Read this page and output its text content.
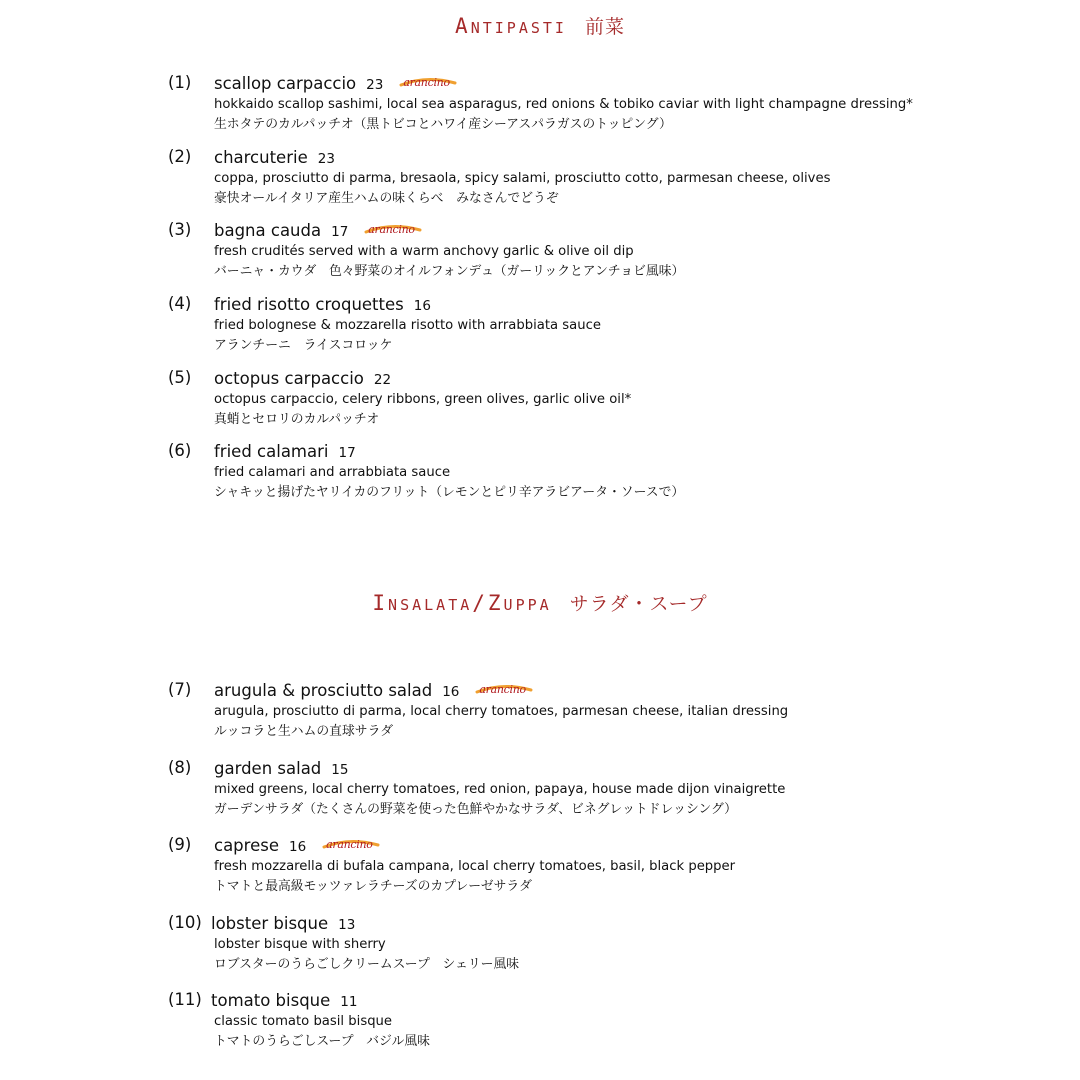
Antipasti 前菜
(1) scallop carpaccio 23 arancino
hokkaido scallop sashimi, local sea asparagus, red onions & tobiko caviar with light champagne dressing*
生ホタテのカルパッチオ（黒トビコとハワイ産シーアスパラガスのトッピング）
(2) charcuterie 23
coppa, prosciutto di parma, bresaola, spicy salami, prosciutto cotto, parmesan cheese, olives
豪快オールイタリア産生ハムの味くらべ　みなさんでどうぞ
(3) bagna cauda 17 arancino
fresh crudités served with a warm anchovy garlic & olive oil dip
バーニャ・カウダ　色々野菜のオイルフォンデュ（ガーリックとアンチョビ風味）
(4) fried risotto croquettes 16
fried bolognese & mozzarella risotto with arrabbiata sauce
アランチーニ　ライスコロッケ
(5) octopus carpaccio 22
octopus carpaccio, celery ribbons, green olives, garlic olive oil*
真蛸とセロリのカルパッチオ
(6) fried calamari 17
fried calamari and arrabbiata sauce
シャキッと揚げたヤリイカのフリット（レモンとピリ辛アラビアータ・ソースで）
Insalata/Zuppa サラダ・スープ
(7) arugula & prosciutto salad 16 arancino
arugula, prosciutto di parma, local cherry tomatoes, parmesan cheese, italian dressing
ルッコラと生ハムの直球サラダ
(8) garden salad 15
mixed greens, local cherry tomatoes, red onion, papaya, house made dijon vinaigrette
ガーデンサラダ（たくさんの野菜を使った色鮮やかなサラダ、ビネグレットドレッシング）
(9) caprese 16 arancino
fresh mozzarella di bufala campana, local cherry tomatoes, basil, black pepper
トマトと最高級モッツァレラチーズのカプレーゼサラダ
(10) lobster bisque 13
lobster bisque with sherry
ロブスターのうらごしクリームスープ　シェリー風味
(11) tomato bisque 11
classic tomato basil bisque
トマトのうらごしスープ　バジル風味
